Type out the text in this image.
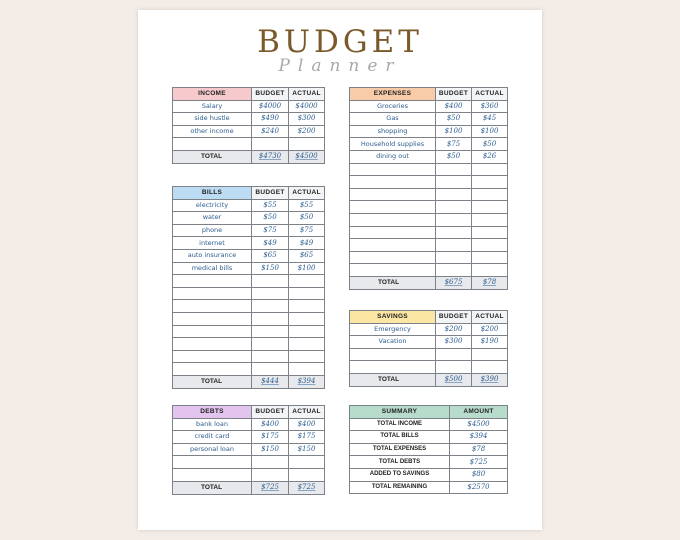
BUDGET
Planner
INCOME	BUDGET	ACTUAL
Salary	$4000	$4000
side hustle	$490	$300
other income	$240	$200

TOTAL	$4730	$4500
BILLS	BUDGET	ACTUAL
electricity	$55	$55
water	$50	$50
phone	$75	$75
internet	$49	$49
auto insurance	$65	$65
medical bills	$150	$100

TOTAL	$444	$394
DEBTS	BUDGET	ACTUAL
bank loan	$400	$400
credit card	$175	$175
personal loan	$150	$150

TOTAL	$725	$725
EXPENSES	BUDGET	ACTUAL
Groceries	$400	$360
Gas	$50	$45
shopping	$100	$100
Household supplies	$75	$50
dining out	$50	$26

TOTAL	$675	$78
SAVINGS	BUDGET	ACTUAL
Emergency	$200	$200
Vacation	$300	$190

TOTAL	$500	$390
SUMMARY	AMOUNT
TOTAL INCOME	$4500
TOTAL BILLS	$394
TOTAL EXPENSES	$78
TOTAL DEBTS	$725
ADDED TO SAVINGS	$80
TOTAL REMAINING	$2570
